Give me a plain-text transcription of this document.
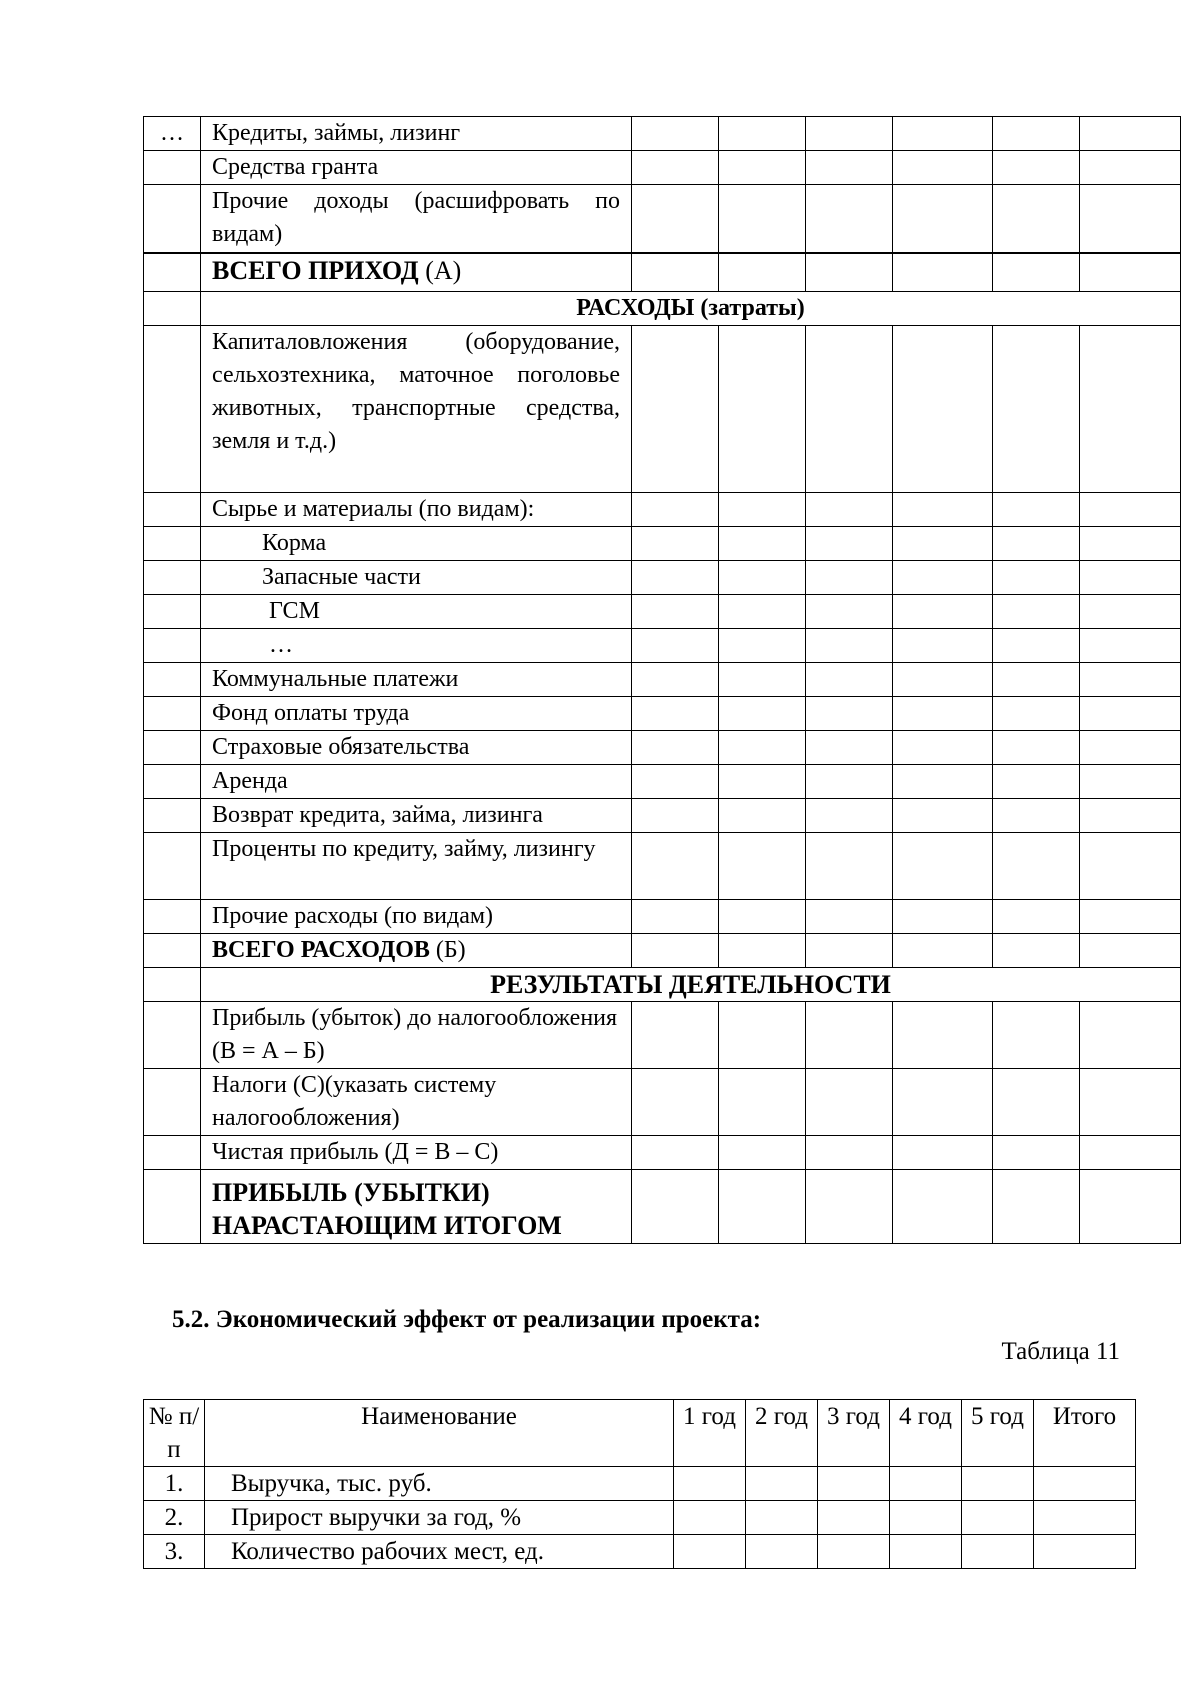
…	Кредиты, займы, лизинг						
	Средства гранта						
	Прочие доходы (расшифровать по видам)						
	ВСЕГО ПРИХОД (А)						
	РАСХОДЫ (затраты)						
	Капиталовложения (оборудование, сельхозтехника, маточное поголовье животных, транспортные средства, земля и т.д.)						
	Сырье и материалы (по видам):						
	Корма						
	Запасные части						
	ГСМ						
	…						
	Коммунальные платежи						
	Фонд оплаты труда						
	Страховые обязательства						
	Аренда						
	Возврат кредита, займа, лизинга						
	Проценты по кредиту, займу, лизингу						
	Прочие расходы (по видам)						
	ВСЕГО РАСХОДОВ (Б)						
	РЕЗУЛЬТАТЫ ДЕЯТЕЛЬНОСТИ						
	Прибыль (убыток) до налогообложения (В = А – Б)						
	Налоги (С)(указать систему налогообложения)						
	Чистая прибыль (Д = В – С)						
	ПРИБЫЛЬ (УБЫТКИ) НАРАСТАЮЩИМ ИТОГОМ						
5.2. Экономический эффект от реализации проекта:
Таблица 11
№ п/п	Наименование	1 год	2 год	3 год	4 год	5 год	Итого
1.	Выручка, тыс. руб.						
2.	Прирост выручки за год, %						
3.	Количество рабочих мест, ед.						
